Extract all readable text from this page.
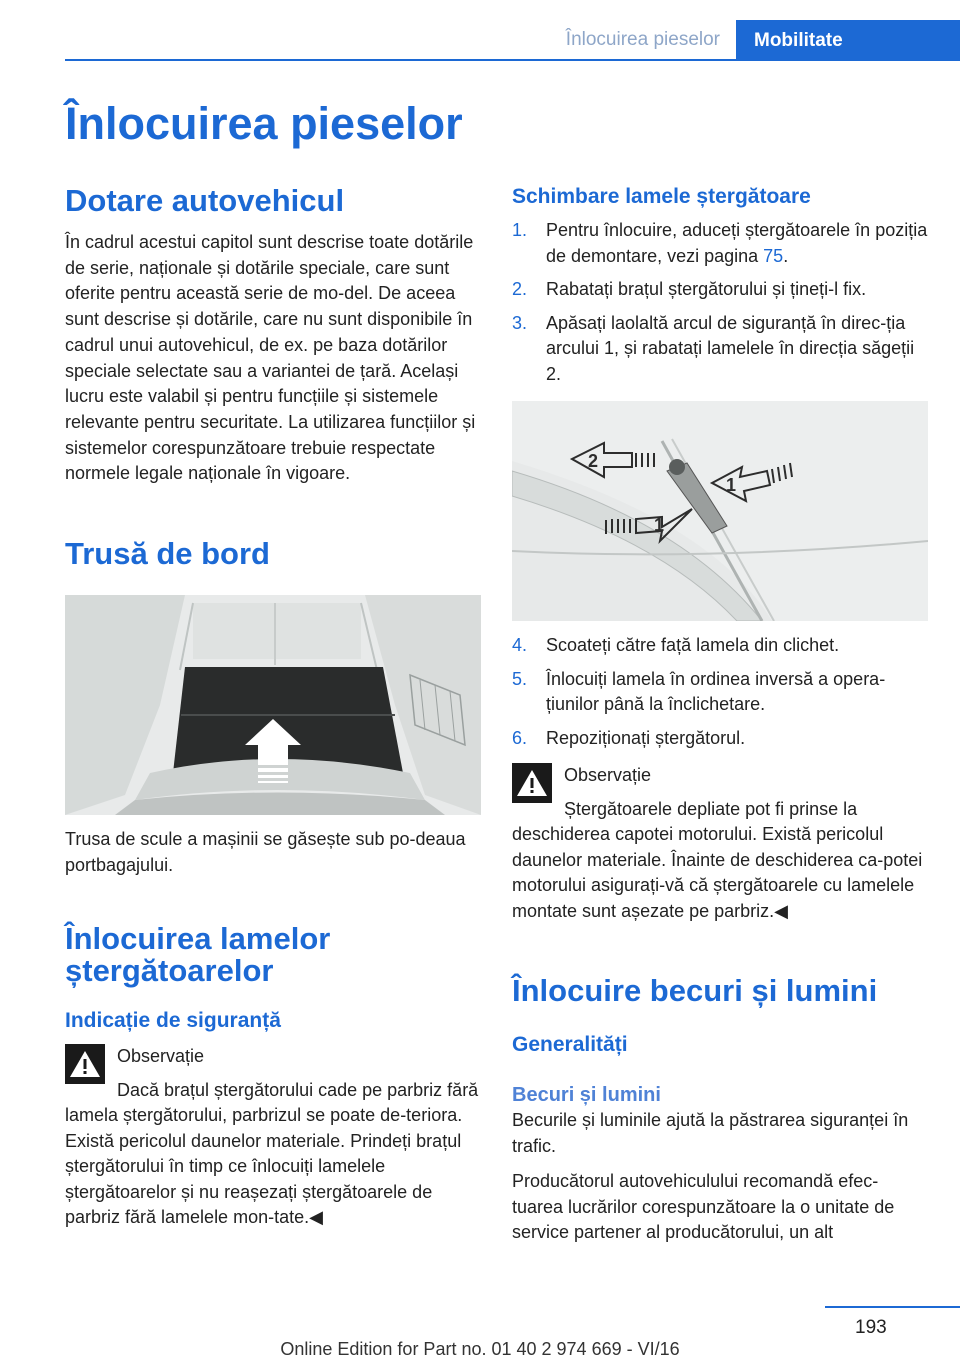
Înlocuirea pieselor	Mobilitate
Înlocuirea pieselor
Dotare autovehicul

În cadrul acestui capitol sunt descrise toate dotările de serie, naționale și dotările speciale, care sunt oferite pentru această serie de mo-del. De aceea sunt descrise și dotările, care nu sunt disponibile în cadrul unui autovehicul, de ex. pe baza dotărilor speciale selectate sau a variantei de țară. Același lucru este valabil și pentru funcțiile și sistemele relevante pentru securitate. La utilizarea funcțiilor și sistemelor corespunzătoare trebuie respectate normele legale naționale în vigoare.

Trusă de bord

Trusa de scule a mașinii se găsește sub po-deaua portbagajului.

Înlocuirea lamelor
ștergătoarelor
Indicație de siguranță

Observație

Dacă brațul ștergătorului cade pe parbriz fără lamela ștergătorului, parbrizul se poate de-teriora. Există pericolul daunelor materiale. Prindeți brațul ștergătorului în timp ce înlocuiți lamelele ștergătoarelor și nu reașezați ștergătoarele de parbriz fără lamelele mon-tate.◀

Schimbare lamele ștergătoare
1. Pentru înlocuire, aduceți ștergătoarele în poziția de demontare, vezi pagina 75.
2. Rabatați brațul ștergătorului și țineți-l fix.
3. Apăsați laolaltă arcul de siguranță în direc-ția arcului 1, și rabatați lamelele în direcția săgeții 2.
2
1
1
4. Scoateți către față lamela din clichet.
5. Înlocuiți lamela în ordinea inversă a opera-țiunilor până la înclichetare.
6. Repoziționați ștergătorul.

Observație

Ștergătoarele depliate pot fi prinse la deschiderea capotei motorului. Există pericolul daunelor materiale. Înainte de deschiderea ca-potei motorului asigurați-vă că ștergătoarele cu lamelele montate sunt așezate pe parbriz.◀

Înlocuire becuri și lumini
Generalități
Becuri și lumini

Becurile și luminile ajută la păstrarea siguranței în trafic.

Producătorul autovehiculului recomandă efec-tuarea lucrărilor corespunzătoare la o unitate de service partener al producătorului, un alt

193
Online Edition for Part no. 01 40 2 974 669 - VI/16
